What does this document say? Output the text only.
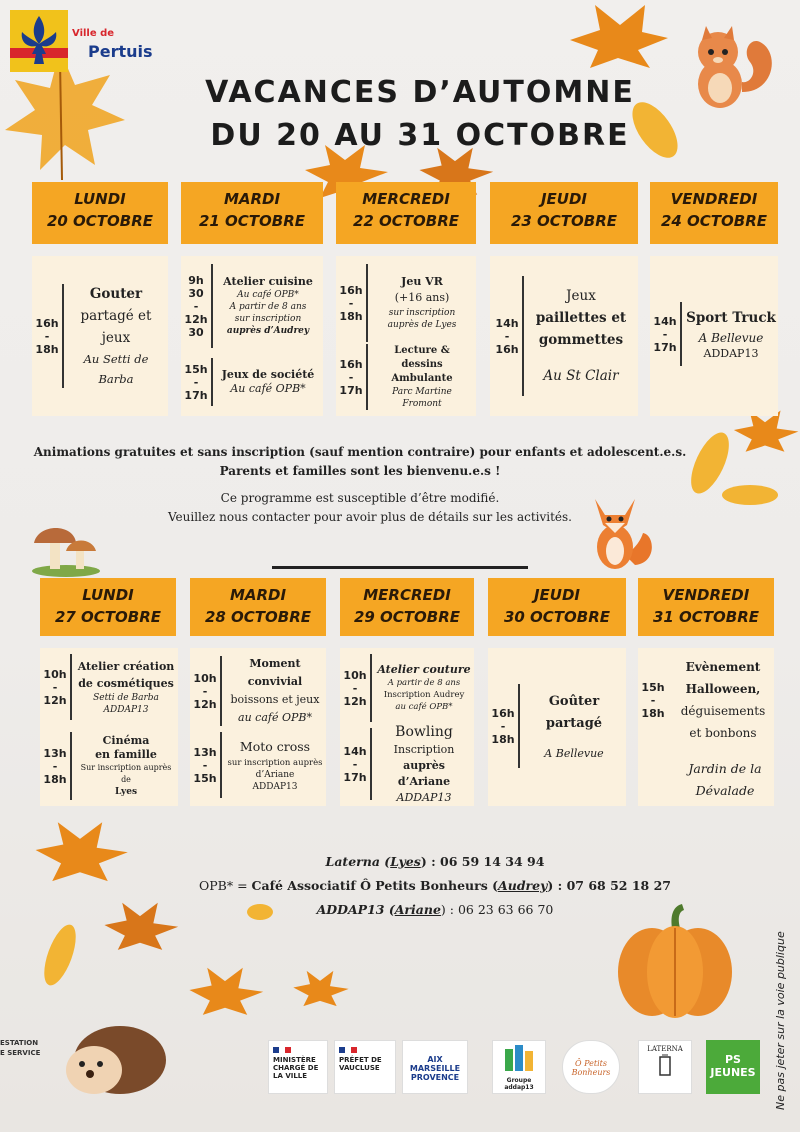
Ville de
Pertuis
VACANCES D’AUTOMNE
DU 20 AU 31 OCTOBRE
LUNDI
20 OCTOBRE
MARDI
21 OCTOBRE
MERCREDI
22 OCTOBRE
JEUDI
23 OCTOBRE
VENDREDI
24 OCTOBRE
16h
-
18h
Gouter
partagé et
jeux
Au Setti de
Barba
9h
30
-
12h
30
Atelier cuisine
Au café OPB*
A partir de 8 ans
sur inscription
auprès d’Audrey
15h
-
17h
Jeux de société
Au café OPB*
16h
-
18h
Jeu VR
(+16 ans)
sur inscription
auprès de Lyes
16h
-
17h
Lecture & dessins
Ambulante
Parc Martine
Fromont
14h
-
16h
Jeux
paillettes et
gommettes
Au St Clair
14h
-
17h
Sport Truck
A Bellevue
ADDAP13
Animations gratuites et sans inscription (sauf mention contraire) pour enfants et adolescent.e.s.
Parents et familles sont les bienvenu.e.s !
Ce programme est susceptible d’être modifié.
Veuillez nous contacter pour avoir plus de détails sur les activités.
LUNDI
27 OCTOBRE
MARDI
28 OCTOBRE
MERCREDI
29 OCTOBRE
JEUDI
30 OCTOBRE
VENDREDI
31 OCTOBRE
10h
-
12h
Atelier création
de cosmétiques
Setti de Barba
ADDAP13
13h
-
18h
Cinéma
en famille
Sur inscription auprès de
Lyes
10h
-
12h
Moment convivial
boissons et jeux
au café OPB*
13h
-
15h
Moto cross
sur inscription auprès
d’Ariane
ADDAP13
10h
-
12h
Atelier couture
A partir de 8 ans
Inscription Audrey
au café OPB*
14h
-
17h
Bowling
Inscription
auprès d’Ariane
ADDAP13
16h
-
18h
Goûter
partagé
A Bellevue
15h
-
18h
Evènement
Halloween,
déguisements
et bonbons
Jardin de la
Dévalade
Laterna (Lyes) : 06 59 14 34 94
OPB* = Café Associatif Ô Petits Bonheurs (Audrey) : 07 68 52 18 27
ADDAP13 (Ariane) : 06 23 63 66 70
ESTATION
E SERVICE
MINISTÈRE CHARGÉ DE LA VILLE
PRÉFET DE VAUCLUSE
AIX MARSEILLE PROVENCE	Groupe addap13
Ô Petits Bonheurs
LATERNA
PS JEUNES	Ne pas jeter sur la voie publique
